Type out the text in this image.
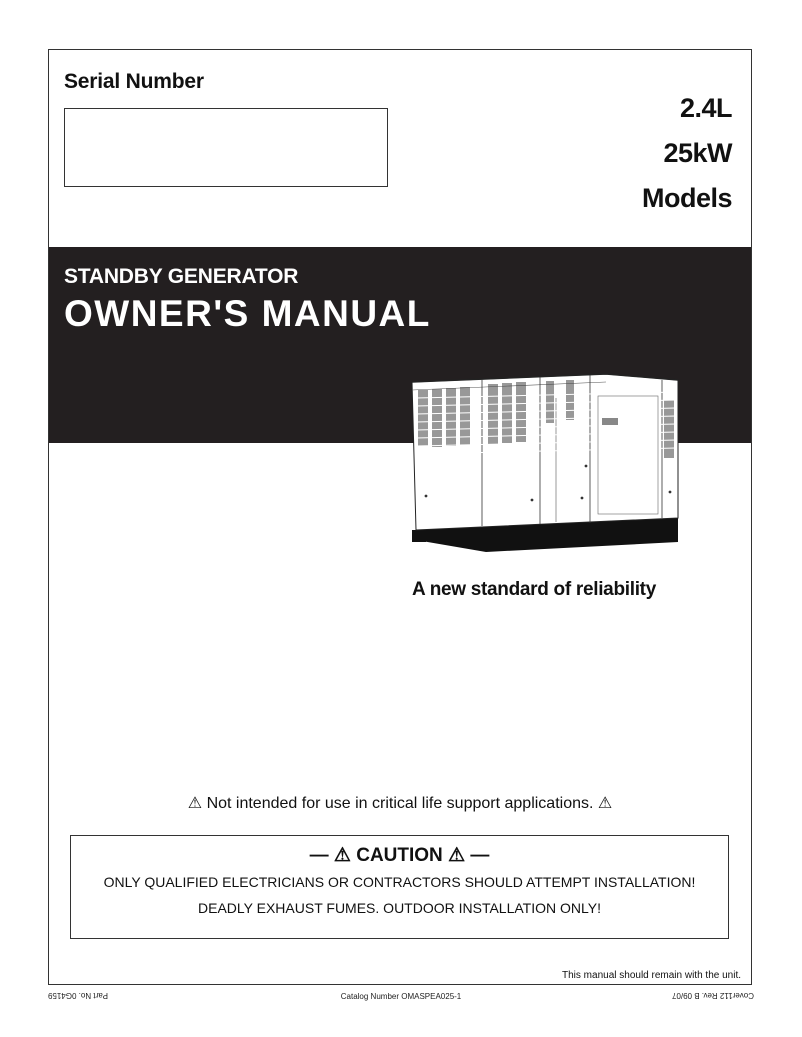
Serial Number
2.4L
25kW
Models
STANDBY GENERATOR
OWNER'S MANUAL
A new standard of reliability
⚠ Not intended for use in critical life support applications. ⚠
— ⚠ CAUTION ⚠ —
ONLY QUALIFIED ELECTRICIANS OR CONTRACTORS SHOULD ATTEMPT INSTALLATION!
DEADLY EXHAUST FUMES. OUTDOOR INSTALLATION ONLY!
This manual should remain with the unit.
Part No. 0G4159	Catalog Number OMASPEA025-1	Cover112 Rev. B 09/07
